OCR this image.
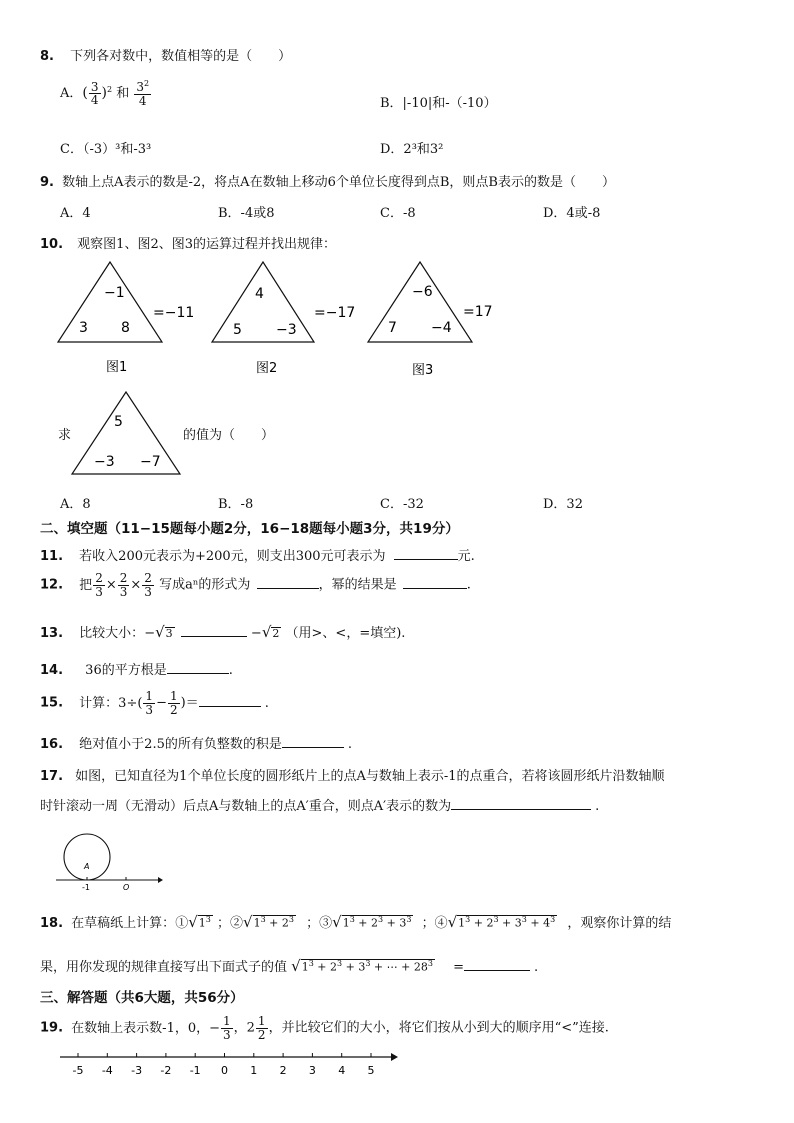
8. 下列各对数中，数值相等的是（　　）
A．( $\frac{3}{4} )^2$ 和 $\frac{3^2}{4}$	B．|-10|和-（-10）
C．（-3）³和-3³	D．2³和3²
9. 数轴上点A表示的数是-2，将点A在数轴上移动6个单位长度得到点B，则点B表示的数是（　　）
A．4	B．-4或8	C．-8	D．4或-8
10. 观察图1、图2、图3的运算过程并找出规律：
−1
3 8
=−11
图1
4
5 −3
=−17
图2
−6
7 −4
=17
图3
5
−3 −7
A
-1	O
-5 -4 -3 -2 -1 0 1 2 3 4 5
求	的值为（　　）
A．8	B．-8	C．-32	D．32
二、填空题（11−15题每小题2分，16−18题每小题3分，共19分）
11. 若收入200元表示为+200元，则支出300元可表示为	元.
12. 把 $\frac{2}{3} \times \frac{2}{3} \times \frac{2}{3}$ 写成aⁿ的形式为	，幂的结果是	.
13. 比较大小：−√3	−√2 （用>、<，=填空).
14. 36的平方根是	.
15. 计算：$3\div( \frac{1}{3} - \frac{1}{2}$ )＝	.
16. 绝对值小于2.5的所有负整数的积是	.
17. 如图，已知直径为1个单位长度的圆形纸片上的点A与数轴上表示-1的点重合，若将该圆形纸片沿数轴顺
时针滚动一周（无滑动）后点A与数轴上的点A′重合，则点A′表示的数为	.
18. 在草稿纸上计算：$①√1^3$ ；$②√1^3 + 2^3$ ；$③√1^3 + 2^3 + 3^3$ ；$④√1^3 + 2^3 + 3^3 + 4^3$ ，观察你计算的结
果，用你发现的规律直接写出下面式子的值 $√1^3 + 2^3 + 3^3$ + ⋯ + $28^3$ =	.
三、解答题（共6大题，共56分）
19. 在数轴上表示数-1，0，− $\frac{1}{3}$ ，$2 \frac{1}{2}$ ，并比较它们的大小，将它们按从小到大的顺序用“<”连接.
